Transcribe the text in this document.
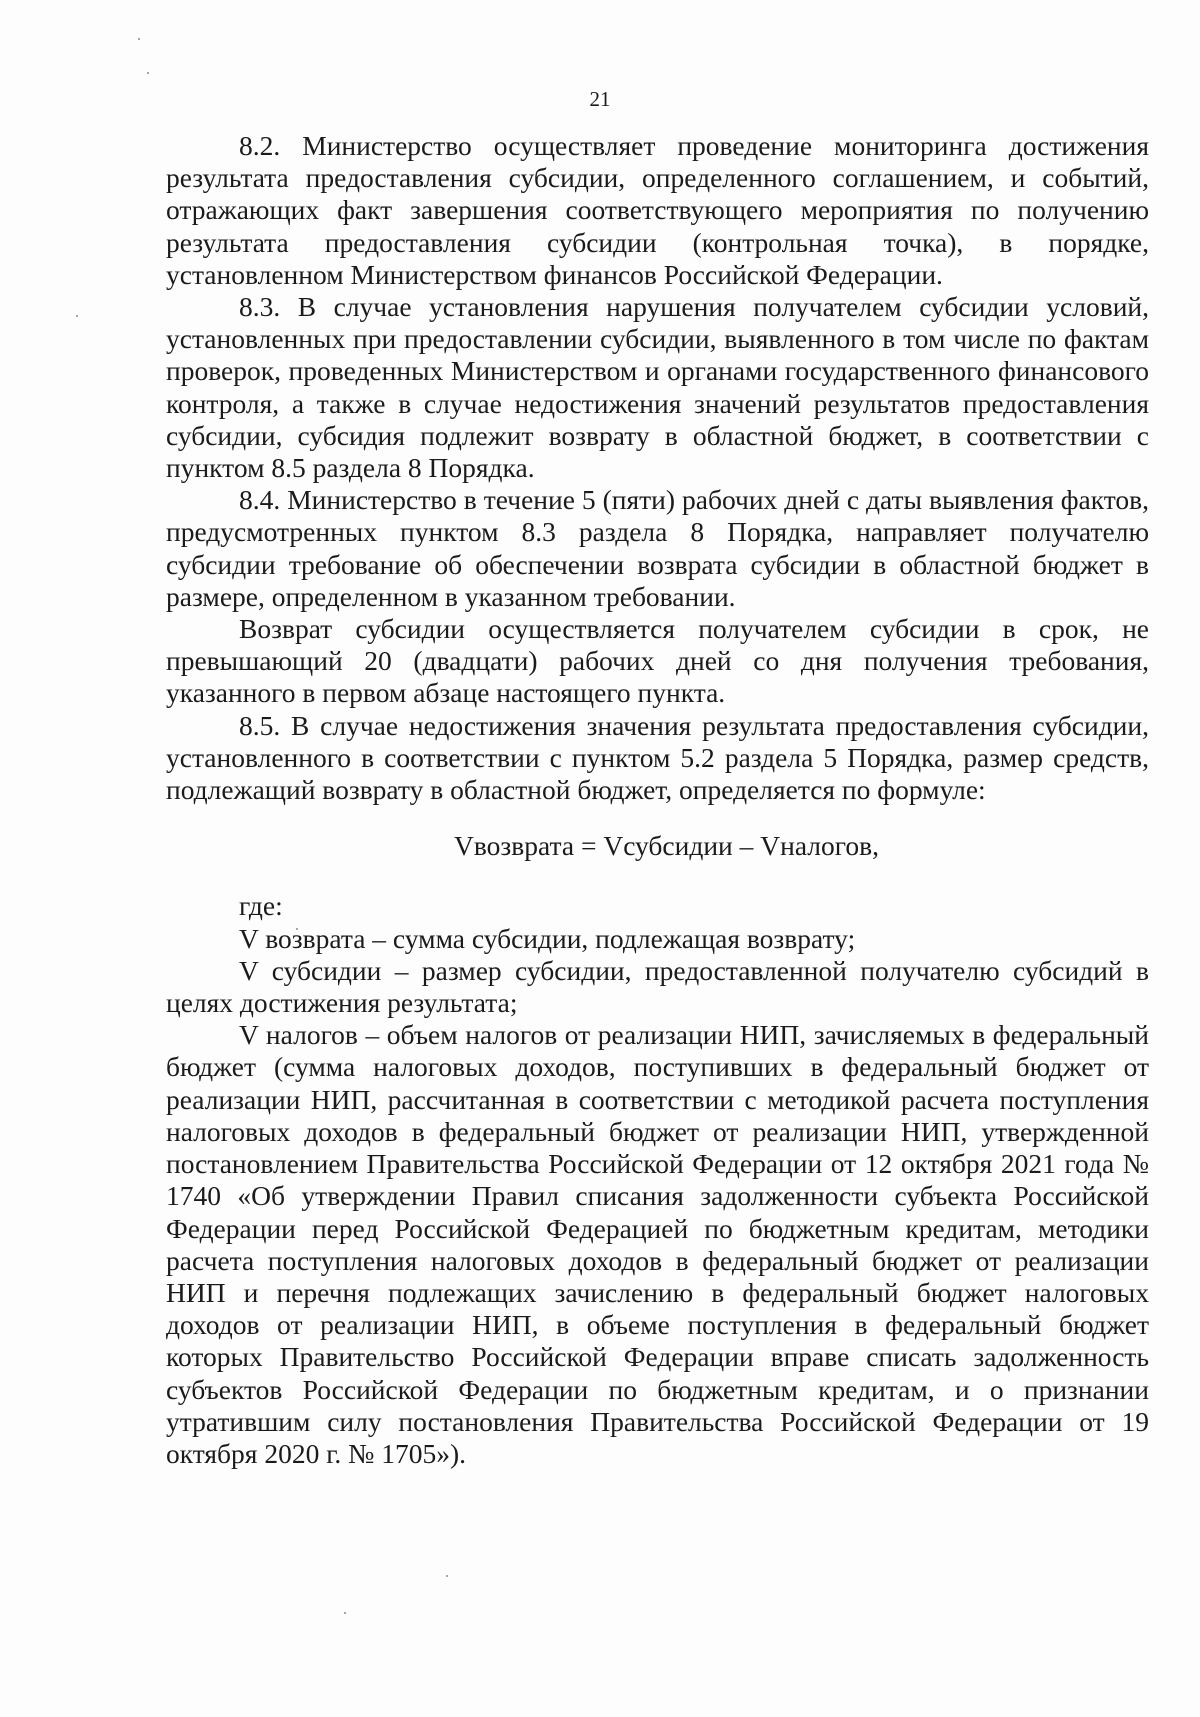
21

8.2. Министерство осуществляет проведение мониторинга достижения результата предоставления субсидии, определенного соглашением, и событий, отражающих факт завершения соответствующего мероприятия по получению результата предоставления субсидии (контрольная точка), в порядке, установленном Министерством финансов Российской Федерации.

8.3. В случае установления нарушения получателем субсидии условий, установленных при предоставлении субсидии, выявленного в том числе по фактам проверок, проведенных Министерством и органами государственного финансового контроля, а также в случае недостижения значений результатов предоставления субсидии, субсидия подлежит возврату в областной бюджет, в соответствии с пунктом 8.5 раздела 8 Порядка.

8.4. Министерство в течение 5 (пяти) рабочих дней с даты выявления фактов, предусмотренных пунктом 8.3 раздела 8 Порядка, направляет получателю субсидии требование об обеспечении возврата субсидии в областной бюджет в размере, определенном в указанном требовании.

Возврат субсидии осуществляется получателем субсидии в срок, не превышающий 20 (двадцати) рабочих дней со дня получения требования, указанного в первом абзаце настоящего пункта.

8.5. В случае недостижения значения результата предоставления субсидии, установленного в соответствии с пунктом 5.2 раздела 5 Порядка, размер средств, подлежащий возврату в областной бюджет, определяется по формуле:

Vвозврата = Vсубсидии – Vналогов,

где:

V возврата – сумма субсидии, подлежащая возврату;

V субсидии – размер субсидии, предоставленной получателю субсидий в целях достижения результата;

V налогов – объем налогов от реализации НИП, зачисляемых в федеральный бюджет (сумма налоговых доходов, поступивших в федеральный бюджет от реализации НИП, рассчитанная в соответствии с методикой расчета поступления налоговых доходов в федеральный бюджет от реализации НИП, утвержденной постановлением Правительства Российской Федерации от 12 октября 2021 года № 1740 «Об утверждении Правил списания задолженности субъекта Российской Федерации перед Российской Федерацией по бюджетным кредитам, методики расчета поступления налоговых доходов в федеральный бюджет от реализации НИП и перечня подлежащих зачислению в федеральный бюджет налоговых доходов от реализации НИП, в объеме поступления в федеральный бюджет которых Правительство Российской Федерации вправе списать задолженность субъектов Российской Федерации по бюджетным кредитам, и о признании утратившим силу постановления Правительства Российской Федерации от 19 октября 2020 г. № 1705»).
